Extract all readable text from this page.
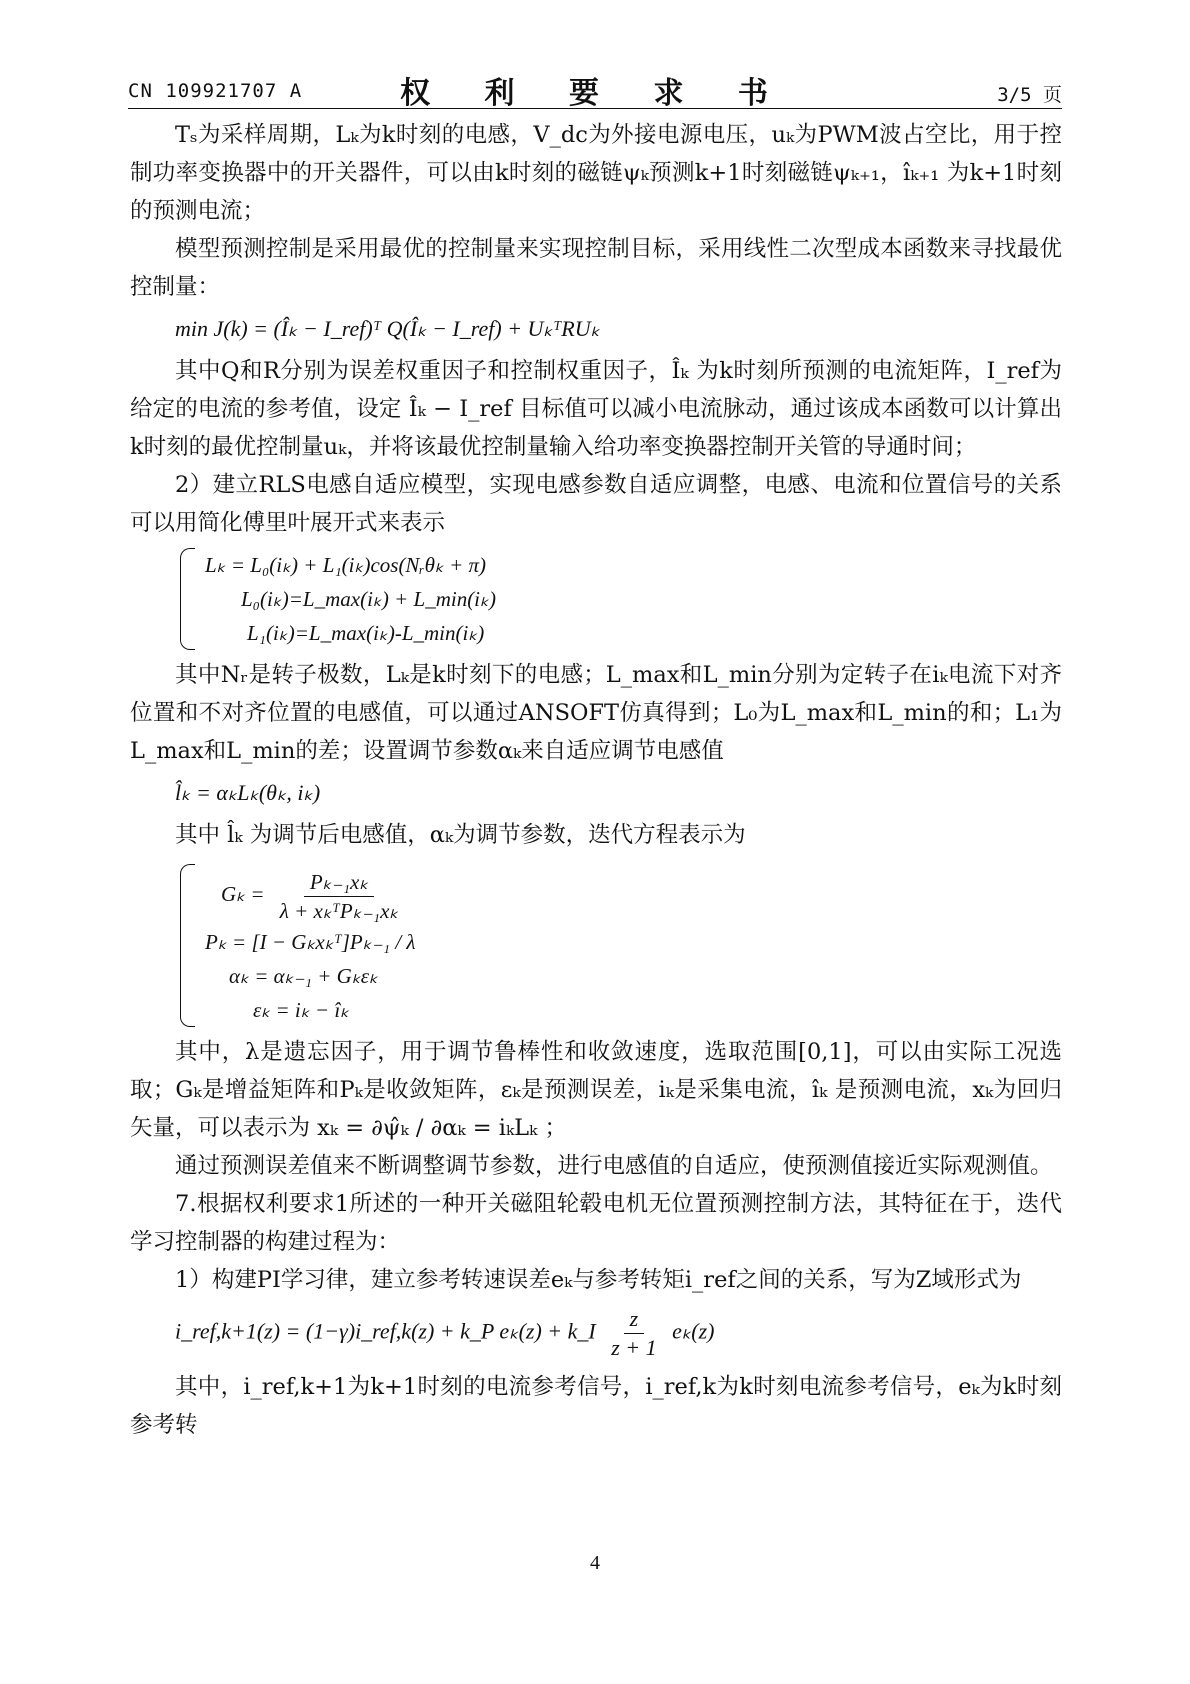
CN 109921707 A	权 利 要 求 书	3/5 页

Tₛ为采样周期，Lₖ为k时刻的电感，V_dc为外接电源电压，uₖ为PWM波占空比，用于控制功率变换器中的开关器件，可以由k时刻的磁链ψₖ预测k+1时刻磁链ψₖ₊₁，îₖ₊₁ 为k+1时刻的预测电流；

模型预测控制是采用最优的控制量来实现控制目标，采用线性二次型成本函数来寻找最优控制量：

min J(k) = (Îₖ − I_ref)ᵀ Q(Îₖ − I_ref) + UₖᵀRUₖ

其中Q和R分别为误差权重因子和控制权重因子，Îₖ 为k时刻所预测的电流矩阵，I_ref为给定的电流的参考值，设定 Îₖ − I_ref 目标值可以减小电流脉动，通过该成本函数可以计算出k时刻的最优控制量uₖ，并将该最优控制量输入给功率变换器控制开关管的导通时间；

2）建立RLS电感自适应模型，实现电感参数自适应调整，电感、电流和位置信号的关系可以用简化傅里叶展开式来表示

Lₖ = L₀(iₖ) + L₁(iₖ)cos(Nᵣθₖ + π)
L₀(iₖ)=L_max(iₖ) + L_min(iₖ)
L₁(iₖ)=L_max(iₖ)-L_min(iₖ)

其中Nᵣ是转子极数，Lₖ是k时刻下的电感；L_max和L_min分别为定转子在iₖ电流下对齐位置和不对齐位置的电感值，可以通过ANSOFT仿真得到；L₀为L_max和L_min的和；L₁为L_max和L_min的差；设置调节参数αₖ来自适应调节电感值

l̂ₖ = αₖLₖ(θₖ, iₖ)

其中 l̂ₖ 为调节后电感值，αₖ为调节参数，迭代方程表示为

$G_k = \frac{\text{Pₖ₋₁xₖ}}{\text{λ + xₖᵀPₖ₋₁xₖ}}$
Pₖ = [I − Gₖxₖᵀ]Pₖ₋₁ / λ
αₖ = αₖ₋₁ + Gₖεₖ
εₖ = iₖ − îₖ

其中，λ是遗忘因子，用于调节鲁棒性和收敛速度，选取范围[0,1]，可以由实际工况选取；Gₖ是增益矩阵和Pₖ是收敛矩阵，εₖ是预测误差，iₖ是采集电流，îₖ 是预测电流，xₖ为回归矢量，可以表示为 xₖ = ∂ψ̂ₖ / ∂αₖ = iₖLₖ ；

通过预测误差值来不断调整调节参数，进行电感值的自适应，使预测值接近实际观测值。

7.根据权利要求1所述的一种开关磁阻轮毂电机无位置预测控制方法，其特征在于，迭代学习控制器的构建过程为：

1）构建PI学习律，建立参考转速误差eₖ与参考转矩i_ref之间的关系，写为Z域形式为

i_ref,k+1(z) = (1−γ)i_ref,k(z) + k_P eₖ(z) + k_I $\frac{z}{z + 1} e_k(z)$

其中，i_ref,k+1为k+1时刻的电流参考信号，i_ref,k为k时刻电流参考信号，eₖ为k时刻参考转

4
